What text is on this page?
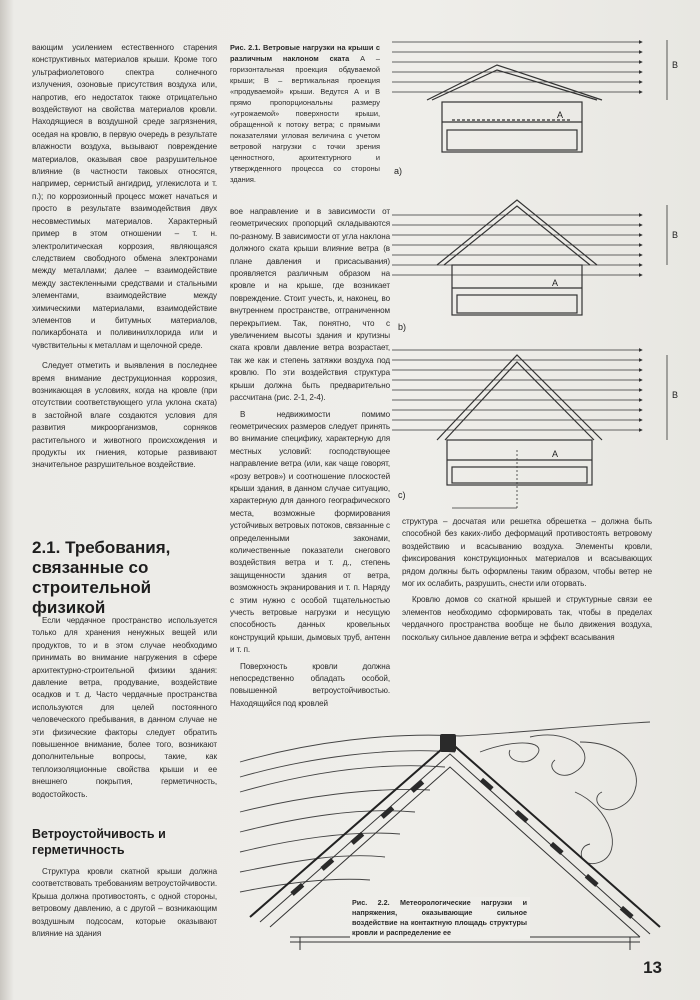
вающим усилением естественного старения конструктивных материалов крыши. Кроме того ультрафиолетового спектра солнечного излучения, озоновые присутствия воздуха или, напротив, его недостаток также отрицательно воздействуют на свойства материалов кровли. Находящиеся в воздушной среде загрязнения, оседая на кровлю, в первую очередь в результате влажности воздуха, вызывают повреждение материалов, оказывая свое разрушительное влияние (в частности таковых относятся, например, сернистый ангидрид, углекислота и т. п.); по коррозионный процесс может начаться и просто в результате взаимодействия двух несовместимых материалов. Характерный пример в этом отношении – т. н. электролитическая коррозия, являющаяся следствием свободного обмена электронами между металлами; далее – взаимодействие между застекленными средствами и стальными элементами, взаимодействие между химическими материалами, взаимодействие элементов и битумных материалов, поликарбоната и поливинилхлорида или и чувствительны к металлам и щелочной среде.

Следует отметить и выявления в последнее время внимание деструкционная коррозия, возникающая в условиях, когда на кровле (при отсутствии соответствующего угла уклона ската) в застойной влаге создаются условия для развития микроорганизмов, сорняков растительного и животного происхождения и продукты их гниения, которые развивают значительное разрушительное воздействие.

2.1. Требования, связанные со строительной физикой

Если чердачное пространство используется только для хранения ненужных вещей или продуктов, то и в этом случае необходимо принимать во внимание нагружения в сфере архитектурно-строительной физики здания: давление ветра, продувание, воздействие осадков и т. д. Часто чердачные пространства используются для целей постоянного человеческого пребывания, в данном случае не эти физические факторы следует обратить повышенное внимание, более того, возникают дополнительные вопросы, такие, как теплоизоляционные свойства крыши и ее внешнего покрытия, герметичность, водостойкость.

Ветроустойчивость и герметичность

Структура кровли скатной крыши должна соответствовать требованиям ветроустойчивости. Крыша должна противостоять, с одной стороны, ветровому давлению, а с другой – возникающим воздушным подсосам, которые оказывают влияние на здания

Рис. 2.1. Ветровые нагрузки на крыши с различным наклоном ската А – горизонтальная проекция обдуваемой крыши; В – вертикальная проекция «продуваемой» крыши. Ведутся А и В прямо пропорциональны размеру «угрожаемой» поверхности крыши, обращенной к потоку ветра; с прямыми показателями угловая величина с учетом ветровой нагрузки с точки зрения ценностного, архитектурного и утвержденного процесса со стороны здания.

вое направление и в зависимости от геометрических пропорций складываются по-разному. В зависимости от угла наклона должного ската крыши влияние ветра (в плане давления и присасывания) проявляется различным образом на кровле и на крыше, где возникает повреждение. Стоит учесть, и, наконец, во внутреннем пространстве, отграниченном перекрытием. Так, понятно, что с увеличением высоты здания и крутизны ската кровли давление ветра возрастает, так же как и степень затяжки воздуха под кровлю. По эти воздействия структура крыши должна быть предварительно рассчитана (рис. 2-1, 2-4).

В недвижимости помимо геометрических размеров следует принять во внимание специфику, характерную для местных условий: господствующее направление ветра (или, как чаще говорят, «розу ветров») и соотношение плоскостей крыши здания, в данном случае ситуацию, характерную для данного географического места, возможные формирования устойчивых ветровых потоков, связанные с определенными законами, количественные показатели снегового воздействия ветра и т. д., степень защищенности здания от ветра, возможность экранирования и т. п. Наряду с этим нужно с особой тщательностью учесть ветровые нагрузки и несущую способность данных кровельных конструкций крыши, дымовых труб, антенн и т. п.

Поверхность кровли должна непосредственно обладать особой, повышенной ветроустойчивостью. Находящийся под кровлей

структура – досчатая или решетка обрешетка – должна быть способной без каких-либо деформаций противостоять ветровому воздействию и всасыванию воздуха. Элементы кровли, фиксирования конструкционных материалов и всасывающих рядом должны быть оформлены таким образом, чтобы ветер не мог их ослабить, разрушить, снести или оторвать.

Кровлю домов со скатной крышей и структурные связи ее элементов необходимо сформировать так, чтобы в пределах чердачного пространства вообще не было движения воздуха, поскольку сильное давление ветра и эффект всасывания

B
B
B
A
A
A
a)
b)
c)
Рис. 2.2. Метеорологические нагрузки и напряжения, оказывающие сильное воздействие на контактную площадь структуры кровли и распределение ее
13
